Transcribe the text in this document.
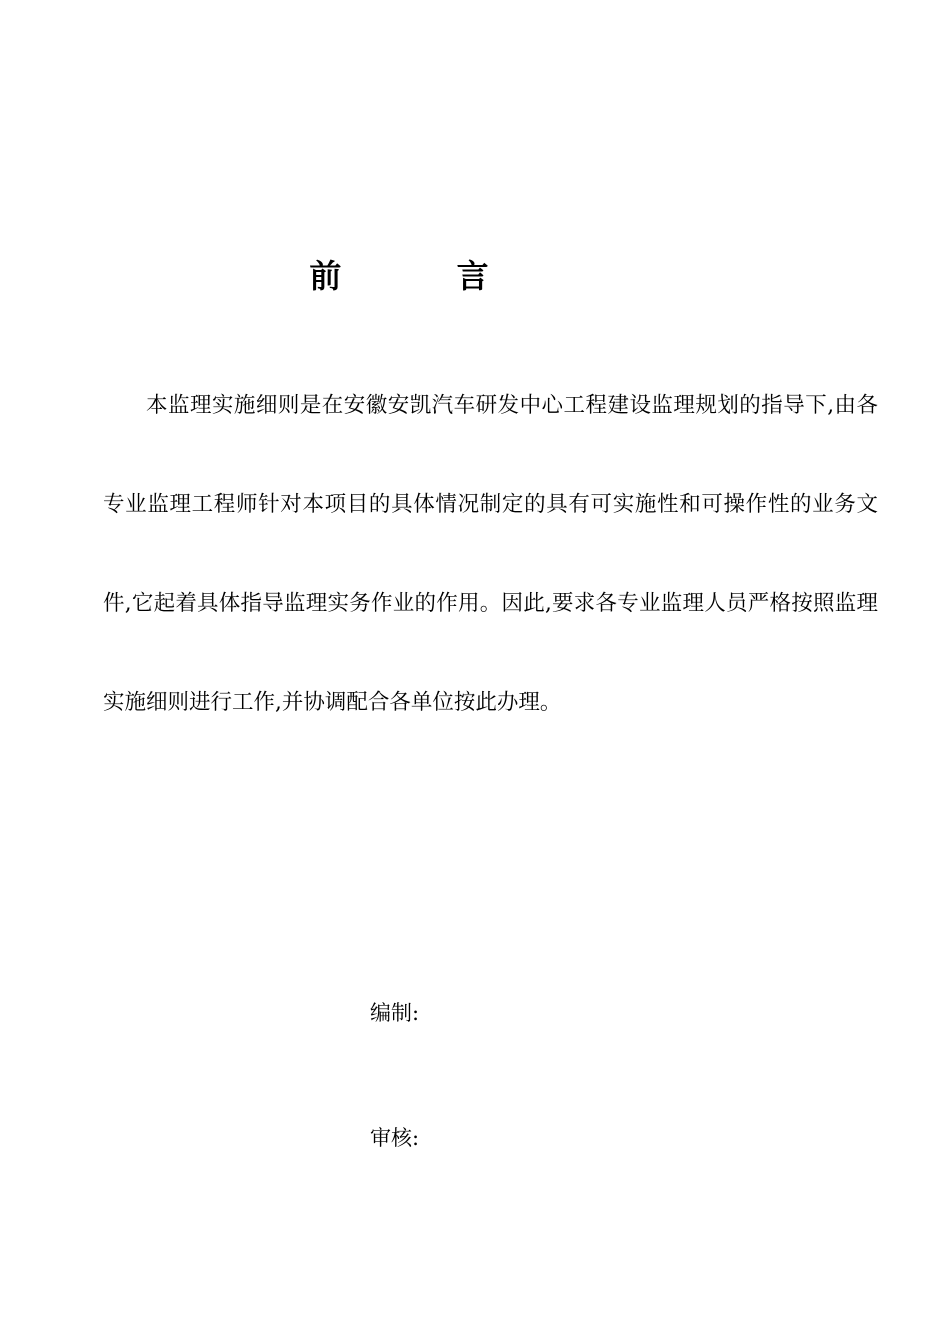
前 言

本监理实施细则是在安徽安凯汽车研发中心工程建设监理规划的指导下,由各专业监理工程师针对本项目的具体情况制定的具有可实施性和可操作性的业务文件,它起着具体指导监理实务作业的作用。因此,要求各专业监理人员严格按照监理实施细则进行工作,并协调配合各单位按此办理。

编制:
审核:
